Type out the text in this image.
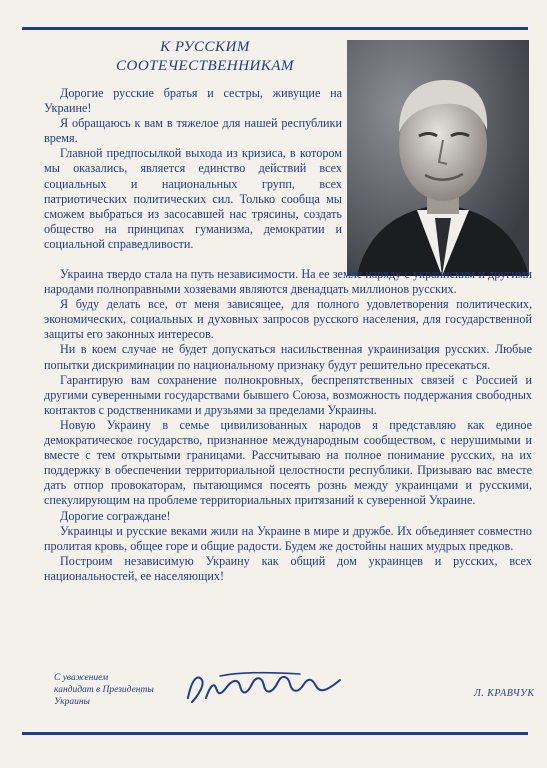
К РУССКИМ
СООТЕЧЕСТВЕННИКАМ

Дорогие русские братья и сестры, живущие на Украине!

Я обращаюсь к вам в тяжелое для нашей республики время.

Главной предпосылкой выхода из кризиса, в котором мы оказались, является единство действий всех социальных и национальных групп, всех патриотических политических сил. Только сообща мы сможем выбраться из засосавшей нас трясины, создать общество на принципах гуманизма, демократии и социальной справедливости.

Украина твердо стала на путь независимости. На ее земле наряду с украинским и другими народами полноправными хозяевами являются двенадцать миллионов русских.

Я буду делать все, от меня зависящее, для полного удовлетворения политических, экономических, социальных и духовных запросов русского населения, для государственной защиты его законных интересов.

Ни в коем случае не будет допускаться насильственная украинизация русских. Любые попытки дискриминации по национальному признаку будут решительно пресекаться.

Гарантирую вам сохранение полнокровных, беспрепятственных связей с Россией и другими суверенными государствами бывшего Союза, возможность поддержания свободных контактов с родственниками и друзьями за пределами Украины.

Новую Украину в семье цивилизованных народов я представляю как единое демократическое государство, признанное международным сообществом, с нерушимыми и вместе с тем открытыми границами. Рассчитываю на полное понимание русских, на их поддержку в обеспечении территориальной целостности республики. Призываю вас вместе дать отпор провокаторам, пытающимся посеять рознь между украинцами и русскими, спекулирующим на проблеме территориальных притязаний к суверенной Украине.

Дорогие сограждане!

Украинцы и русские веками жили на Украине в мире и дружбе. Их объединяет совместно пролитая кровь, общее горе и общие радости. Будем же достойны наших мудрых предков.

Построим независимую Украину как общий дом украинцев и русских, всех национальностей, ее населяющих!

С уважением
кандидат в Президенты
Украины
Л. КРАВЧУК
